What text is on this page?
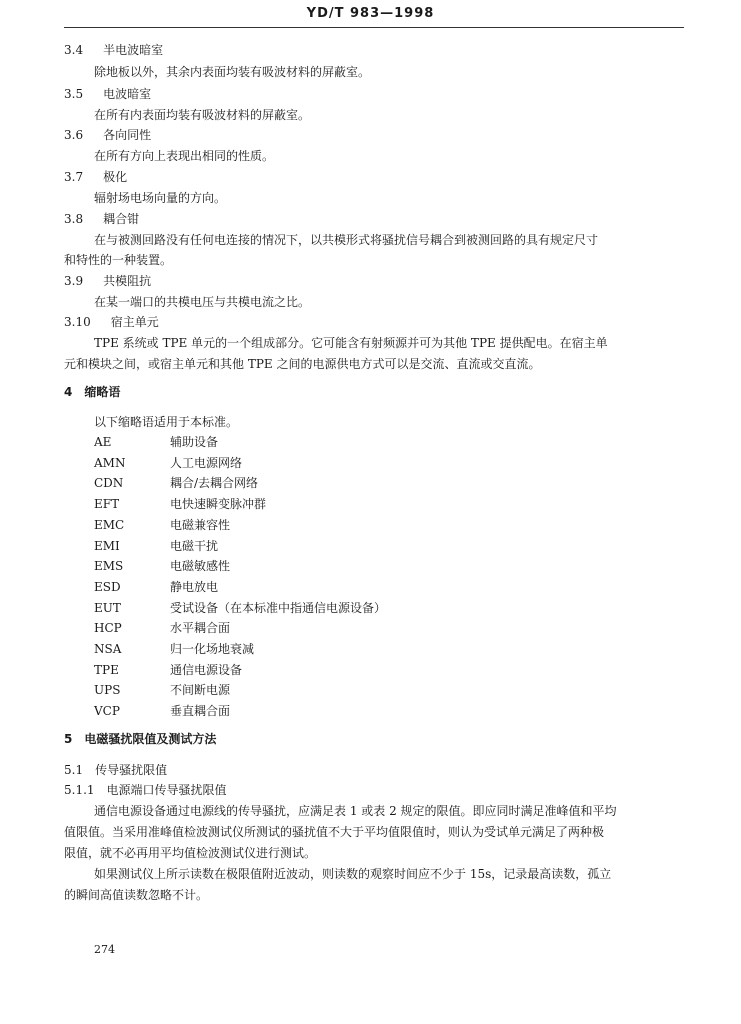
YD/T 983—1998
3.4 半电波暗室
除地板以外，其余内表面均装有吸波材料的屏蔽室。
3.5 电波暗室
在所有内表面均装有吸波材料的屏蔽室。
3.6 各向同性
在所有方向上表现出相同的性质。
3.7 极化
辐射场电场向量的方向。
3.8 耦合钳
在与被测回路没有任何电连接的情况下，以共模形式将骚扰信号耦合到被测回路的具有规定尺寸
和特性的一种装置。
3.9 共模阻抗
在某一端口的共模电压与共模电流之比。
3.10 宿主单元
TPE 系统或 TPE 单元的一个组成部分。它可能含有射频源并可为其他 TPE 提供配电。在宿主单
元和模块之间，或宿主单元和其他 TPE 之间的电源供电方式可以是交流、直流或交直流。
4　缩略语
以下缩略语适用于本标准。
AE	辅助设备
AMN	人工电源网络
CDN	耦合/去耦合网络
EFT	电快速瞬变脉冲群
EMC	电磁兼容性
EMI	电磁干扰
EMS	电磁敏感性
ESD	静电放电
EUT	受试设备（在本标准中指通信电源设备）
HCP	水平耦合面
NSA	归一化场地衰减
TPE	通信电源设备
UPS	不间断电源
VCP	垂直耦合面
5　电磁骚扰限值及测试方法
5.1　传导骚扰限值
5.1.1　电源端口传导骚扰限值
通信电源设备通过电源线的传导骚扰，应满足表 1 或表 2 规定的限值。即应同时满足准峰值和平均
值限值。当采用准峰值检波测试仪所测试的骚扰值不大于平均值限值时，则认为受试单元满足了两种极
限值，就不必再用平均值检波测试仪进行测试。
如果测试仪上所示读数在极限值附近波动，则读数的观察时间应不少于 15s，记录最高读数，孤立
的瞬间高值读数忽略不计。
274
